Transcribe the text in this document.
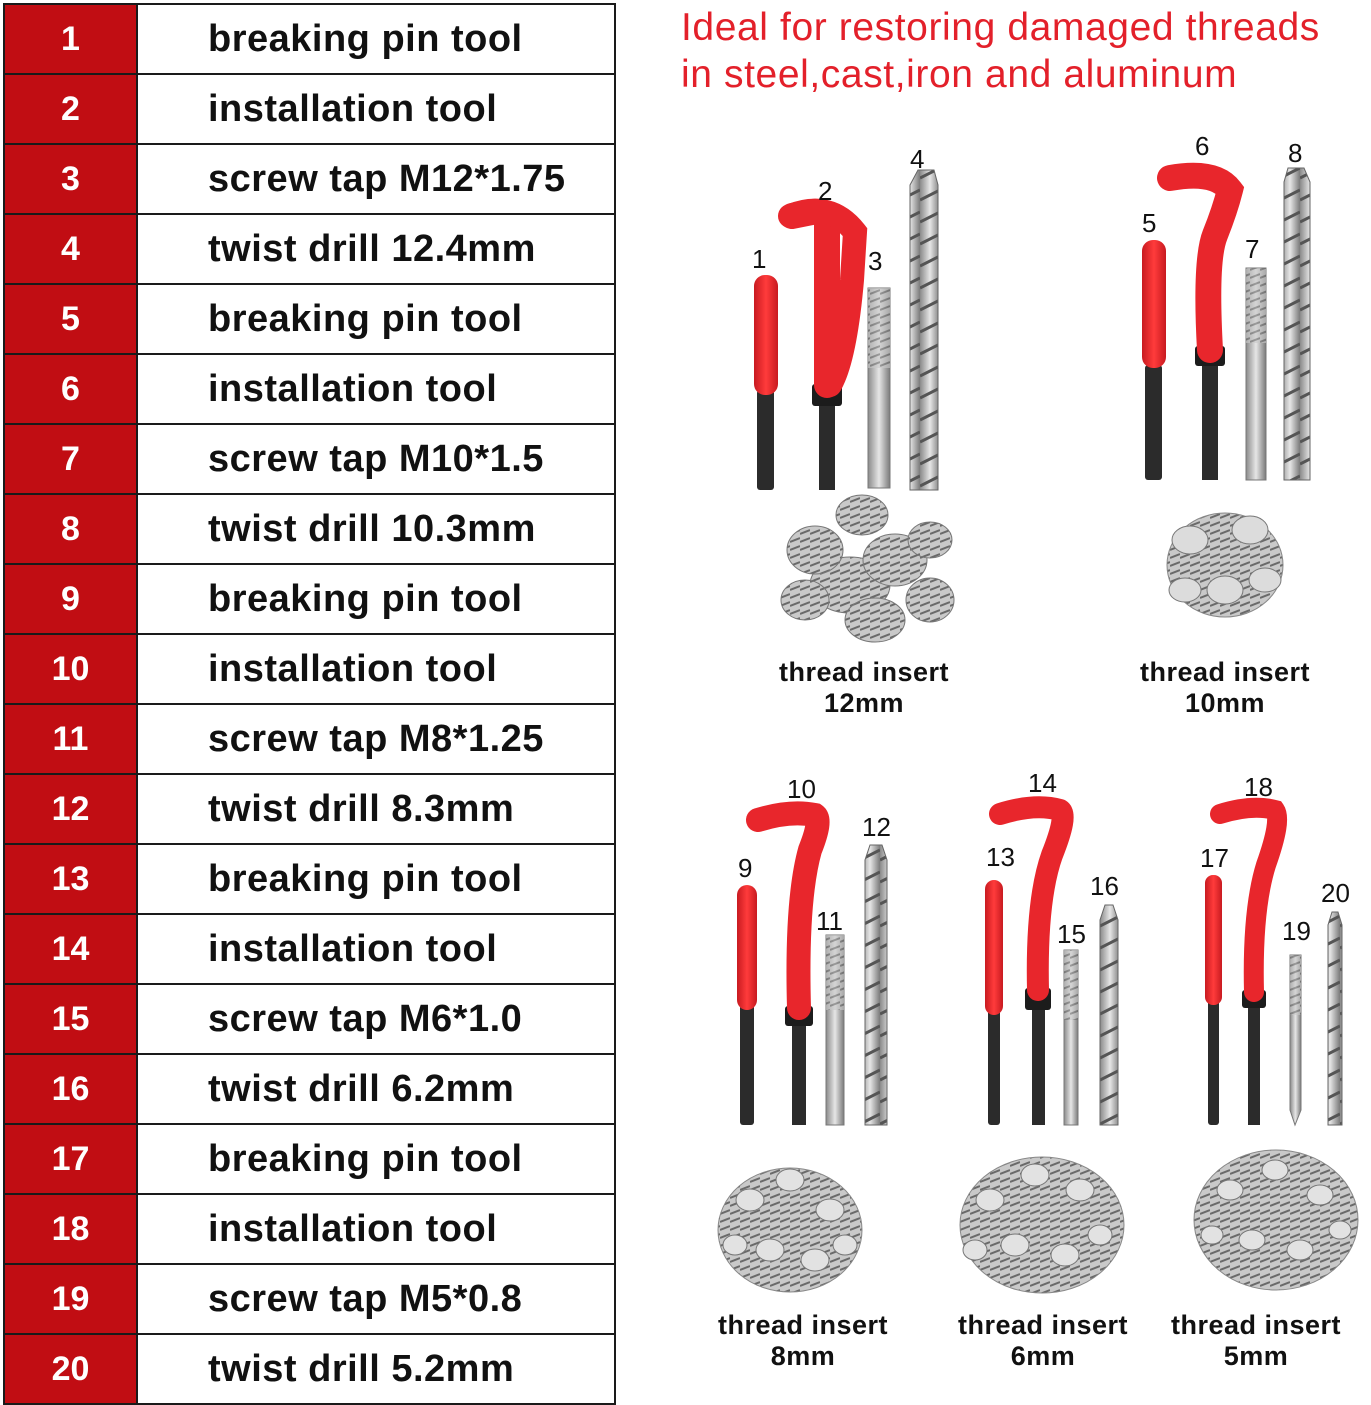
1	breaking pin tool
2	installation tool
3	screw tap M12*1.75
4	twist drill 12.4mm
5	breaking pin tool
6	installation tool
7	screw tap M10*1.5
8	twist drill 10.3mm
9	breaking pin tool
10	installation tool
11	screw tap M8*1.25
12	twist drill 8.3mm
13	breaking pin tool
14	installation tool
15	screw tap M6*1.0
16	twist drill 6.2mm
17	breaking pin tool
18	installation tool
19	screw tap M5*0.8
20	twist drill 5.2mm
Ideal for restoring damaged threads
in steel,cast,iron and aluminum
1
2
3
4
5
6
7
8
9
10
11
12
13
14
15
16
17
18
19
20
thread insert
12mm
thread insert
10mm
thread insert
8mm
thread insert
6mm
thread insert
5mm
